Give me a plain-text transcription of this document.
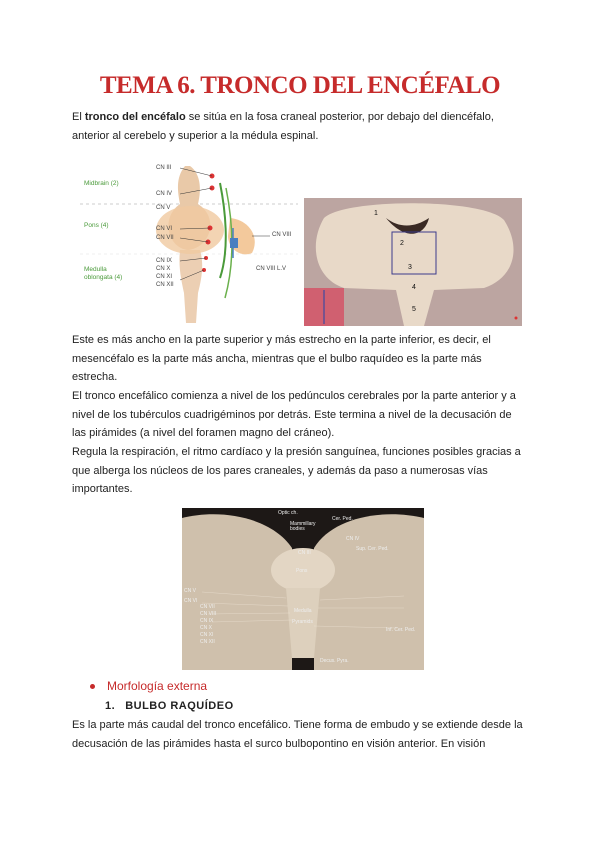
TEMA 6. TRONCO DEL ENCÉFALO

El tronco del encéfalo se sitúa en la fosa craneal posterior, por debajo del diencéfalo, anterior al cerebelo y superior a la médula espinal.

Midbrain (2)
Pons (4)
Medulla oblongata (4)
CN III
CN IV
CN V
CN VI
CN VII
CN IX
CN X
CN XI
CN XII
CN VIII
CN VIII L.V
1
2
3
4
5

Este es más ancho en la parte superior y más estrecho en la parte inferior, es decir, el mesencéfalo es la parte más ancha, mientras que el bulbo raquídeo es la parte más estrecha.

El tronco encefálico comienza a nivel de los pedúnculos cerebrales por la parte anterior y a nivel de los tubérculos cuadrigéminos por detrás. Este termina a nivel de la decusación de las pirámides (a nivel del foramen magno del cráneo).

Regula la respiración, el ritmo cardíaco y la presión sanguínea, funciones posibles gracias a que alberga los núcleos de los pares craneales, y además da paso a numerosas vías importantes.

Optic ch.
Mammillary bodies
Cer. Ped.
CN III
CN IV
Sup. Cer. Ped.
Pons
CN V
CN VI
CN VII
CN VIII
CN IX
CN X
CN XI
CN XII
Medulla
Pyramids
Inf. Cer. Ped.
Decus. Pyra.
Morfología externa
1. BULBO RAQUÍDEO

Es la parte más caudal del tronco encefálico. Tiene forma de embudo y se extiende desde la decusación de las pirámides hasta el surco bulbopontino en visión anterior. En visión
